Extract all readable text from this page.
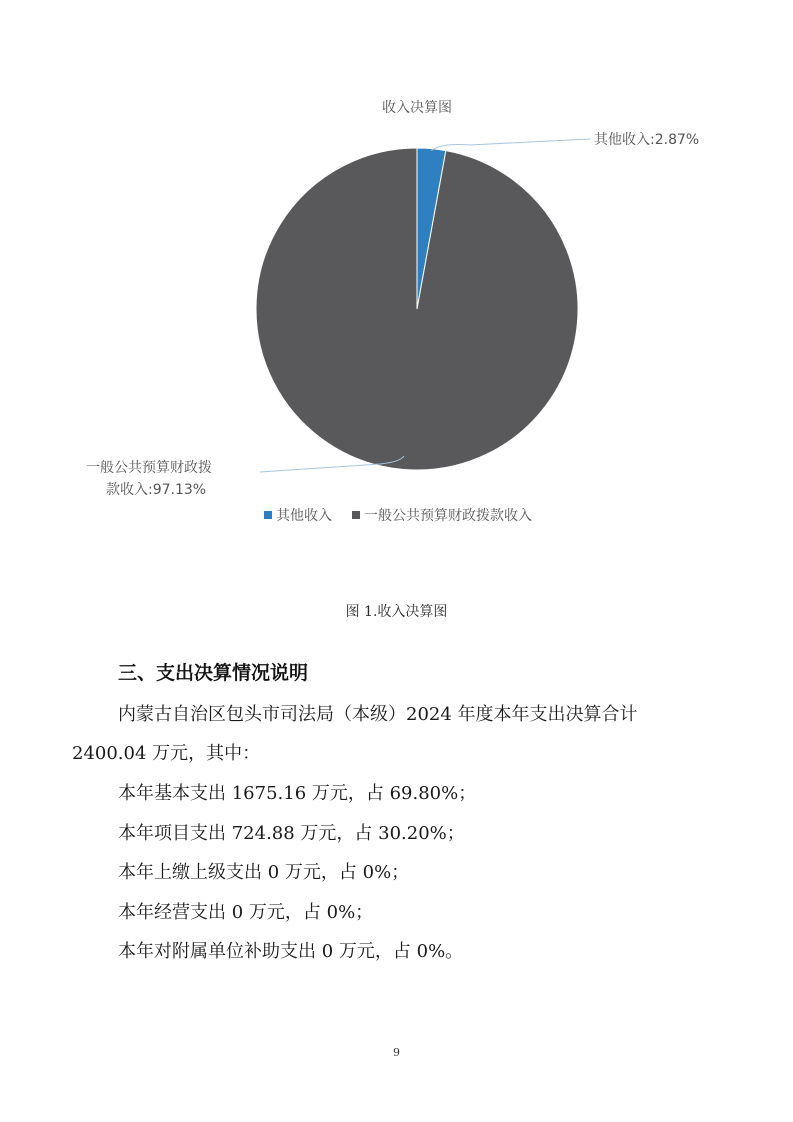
收入决算图
其他收入:2.87%
一般公共预算财政拨
款收入:97.13%
其他收入 一般公共预算财政拨款收入
图 1.收入决算图
三、支出决算情况说明
内蒙古自治区包头市司法局（本级）2024 年度本年支出决算合计
2400.04 万元，其中：
本年基本支出 1675.16 万元，占 69.80%；
本年项目支出 724.88 万元，占 30.20%；
本年上缴上级支出 0 万元，占 0%；
本年经营支出 0 万元，占 0%；
本年对附属单位补助支出 0 万元，占 0%。
9
